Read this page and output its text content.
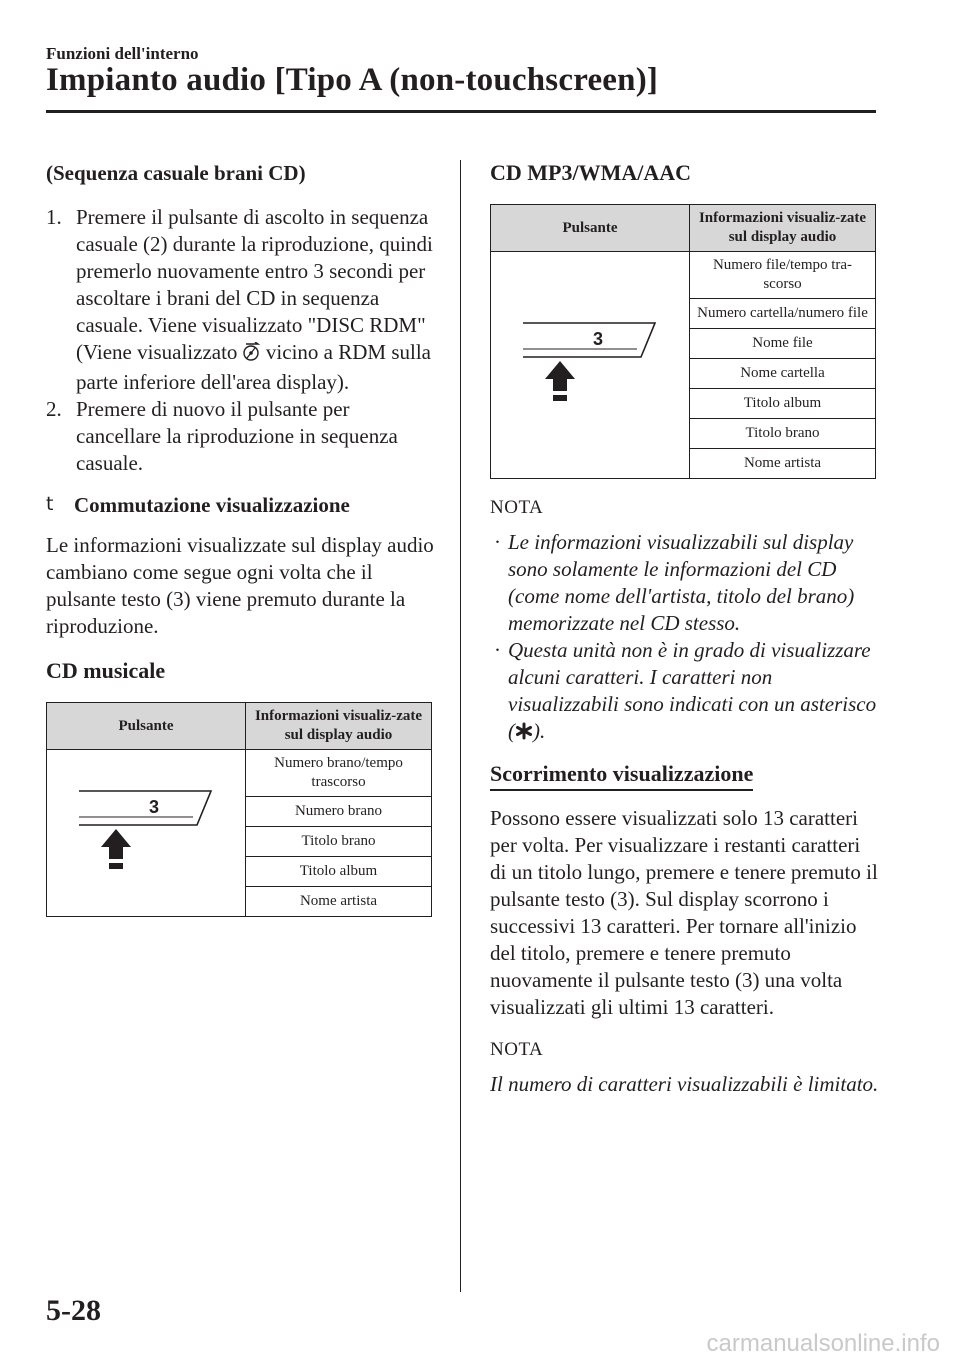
Funzioni dell'interno
Impianto audio [Tipo A (non-touchscreen)]
(Sequenza casuale brani CD)
1. Premere il pulsante di ascolto in sequenza casuale (2) durante la riproduzione, quindi premerlo nuovamente entro 3 secondi per ascoltare i brani del CD in sequenza casuale. Viene visualizzato "DISC RDM" (Viene visualizzato  vicino a RDM sulla parte inferiore dell'area display).
2. Premere di nuovo il pulsante per cancellare la riproduzione in sequenza casuale.
t Commutazione visualizzazione
Le informazioni visualizzate sul display audio cambiano come segue ogni volta che il pulsante testo (3) viene premuto durante la riproduzione.
CD musicale
Pulsante	Informazioni visualiz-zate sul display audio

3	Numero brano/tempo trascorso
	Numero brano
	Titolo brano
	Titolo album
	Nome artista
CD MP3/WMA/AAC
Pulsante	Informazioni visualiz-zate sul display audio

3	Numero file/tempo tra-scorso
	Numero cartella/numero file
	Nome file
	Nome cartella
	Titolo album
	Titolo brano
	Nome artista
NOTA
· Le informazioni visualizzabili sul display sono solamente le informazioni del CD (come nome dell'artista, titolo del brano) memorizzate nel CD stesso.
· Questa unità non è in grado di visualizzare alcuni caratteri. I caratteri non visualizzabili sono indicati con un asterisco ( ).
Scorrimento visualizzazione
Possono essere visualizzati solo 13 caratteri per volta. Per visualizzare i restanti caratteri di un titolo lungo, premere e tenere premuto il pulsante testo (3). Sul display scorrono i successivi 13 caratteri. Per tornare all'inizio del titolo, premere e tenere premuto nuovamente il pulsante testo (3) una volta visualizzati gli ultimi 13 caratteri.
NOTA
Il numero di caratteri visualizzabili è limitato.
5-28
carmanualsonline.info
